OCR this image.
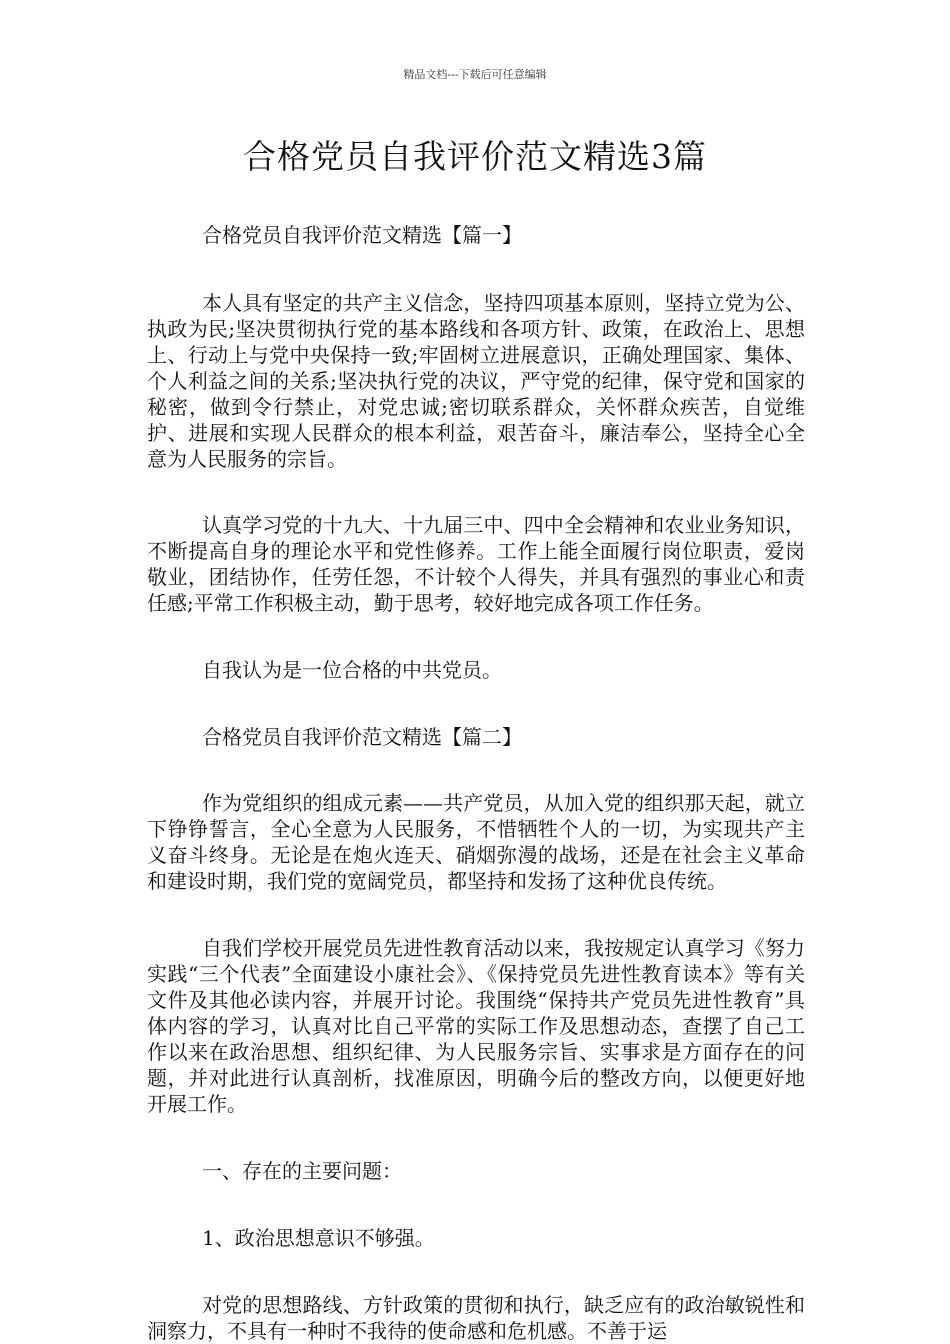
精品文档---下载后可任意编辑
合格党员自我评价范文精选3篇

合格党员自我评价范文精选【篇一】

本人具有坚定的共产主义信念，坚持四项基本原则，坚持立党为公、执政为民;坚决贯彻执行党的基本路线和各项方针、政策，在政治上、思想上、行动上与党中央保持一致;牢固树立进展意识，正确处理国家、集体、个人利益之间的关系;坚决执行党的决议，严守党的纪律，保守党和国家的秘密，做到令行禁止，对党忠诚;密切联系群众，关怀群众疾苦，自觉维护、进展和实现人民群众的根本利益，艰苦奋斗，廉洁奉公，坚持全心全意为人民服务的宗旨。

认真学习党的十九大、十九届三中、四中全会精神和农业业务知识，不断提高自身的理论水平和党性修养。工作上能全面履行岗位职责，爱岗敬业，团结协作，任劳任怨，不计较个人得失，并具有强烈的事业心和责任感;平常工作积极主动，勤于思考，较好地完成各项工作任务。

自我认为是一位合格的中共党员。

合格党员自我评价范文精选【篇二】

作为党组织的组成元素——共产党员，从加入党的组织那天起，就立下铮铮誓言，全心全意为人民服务，不惜牺牲个人的一切，为实现共产主义奋斗终身。无论是在炮火连天、硝烟弥漫的战场，还是在社会主义革命和建设时期，我们党的宽阔党员，都坚持和发扬了这种优良传统。

自我们学校开展党员先进性教育活动以来，我按规定认真学习《努力实践“三个代表”全面建设小康社会》、《保持党员先进性教育读本》等有关文件及其他必读内容，并展开讨论。我围绕“保持共产党员先进性教育”具体内容的学习，认真对比自己平常的实际工作及思想动态，查摆了自己工作以来在政治思想、组织纪律、为人民服务宗旨、实事求是方面存在的问题，并对此进行认真剖析，找准原因，明确今后的整改方向，以便更好地开展工作。

一、存在的主要问题：

1、政治思想意识不够强。

对党的思想路线、方针政策的贯彻和执行，缺乏应有的政治敏锐性和洞察力，不具有一种时不我待的使命感和危机感。不善于运
